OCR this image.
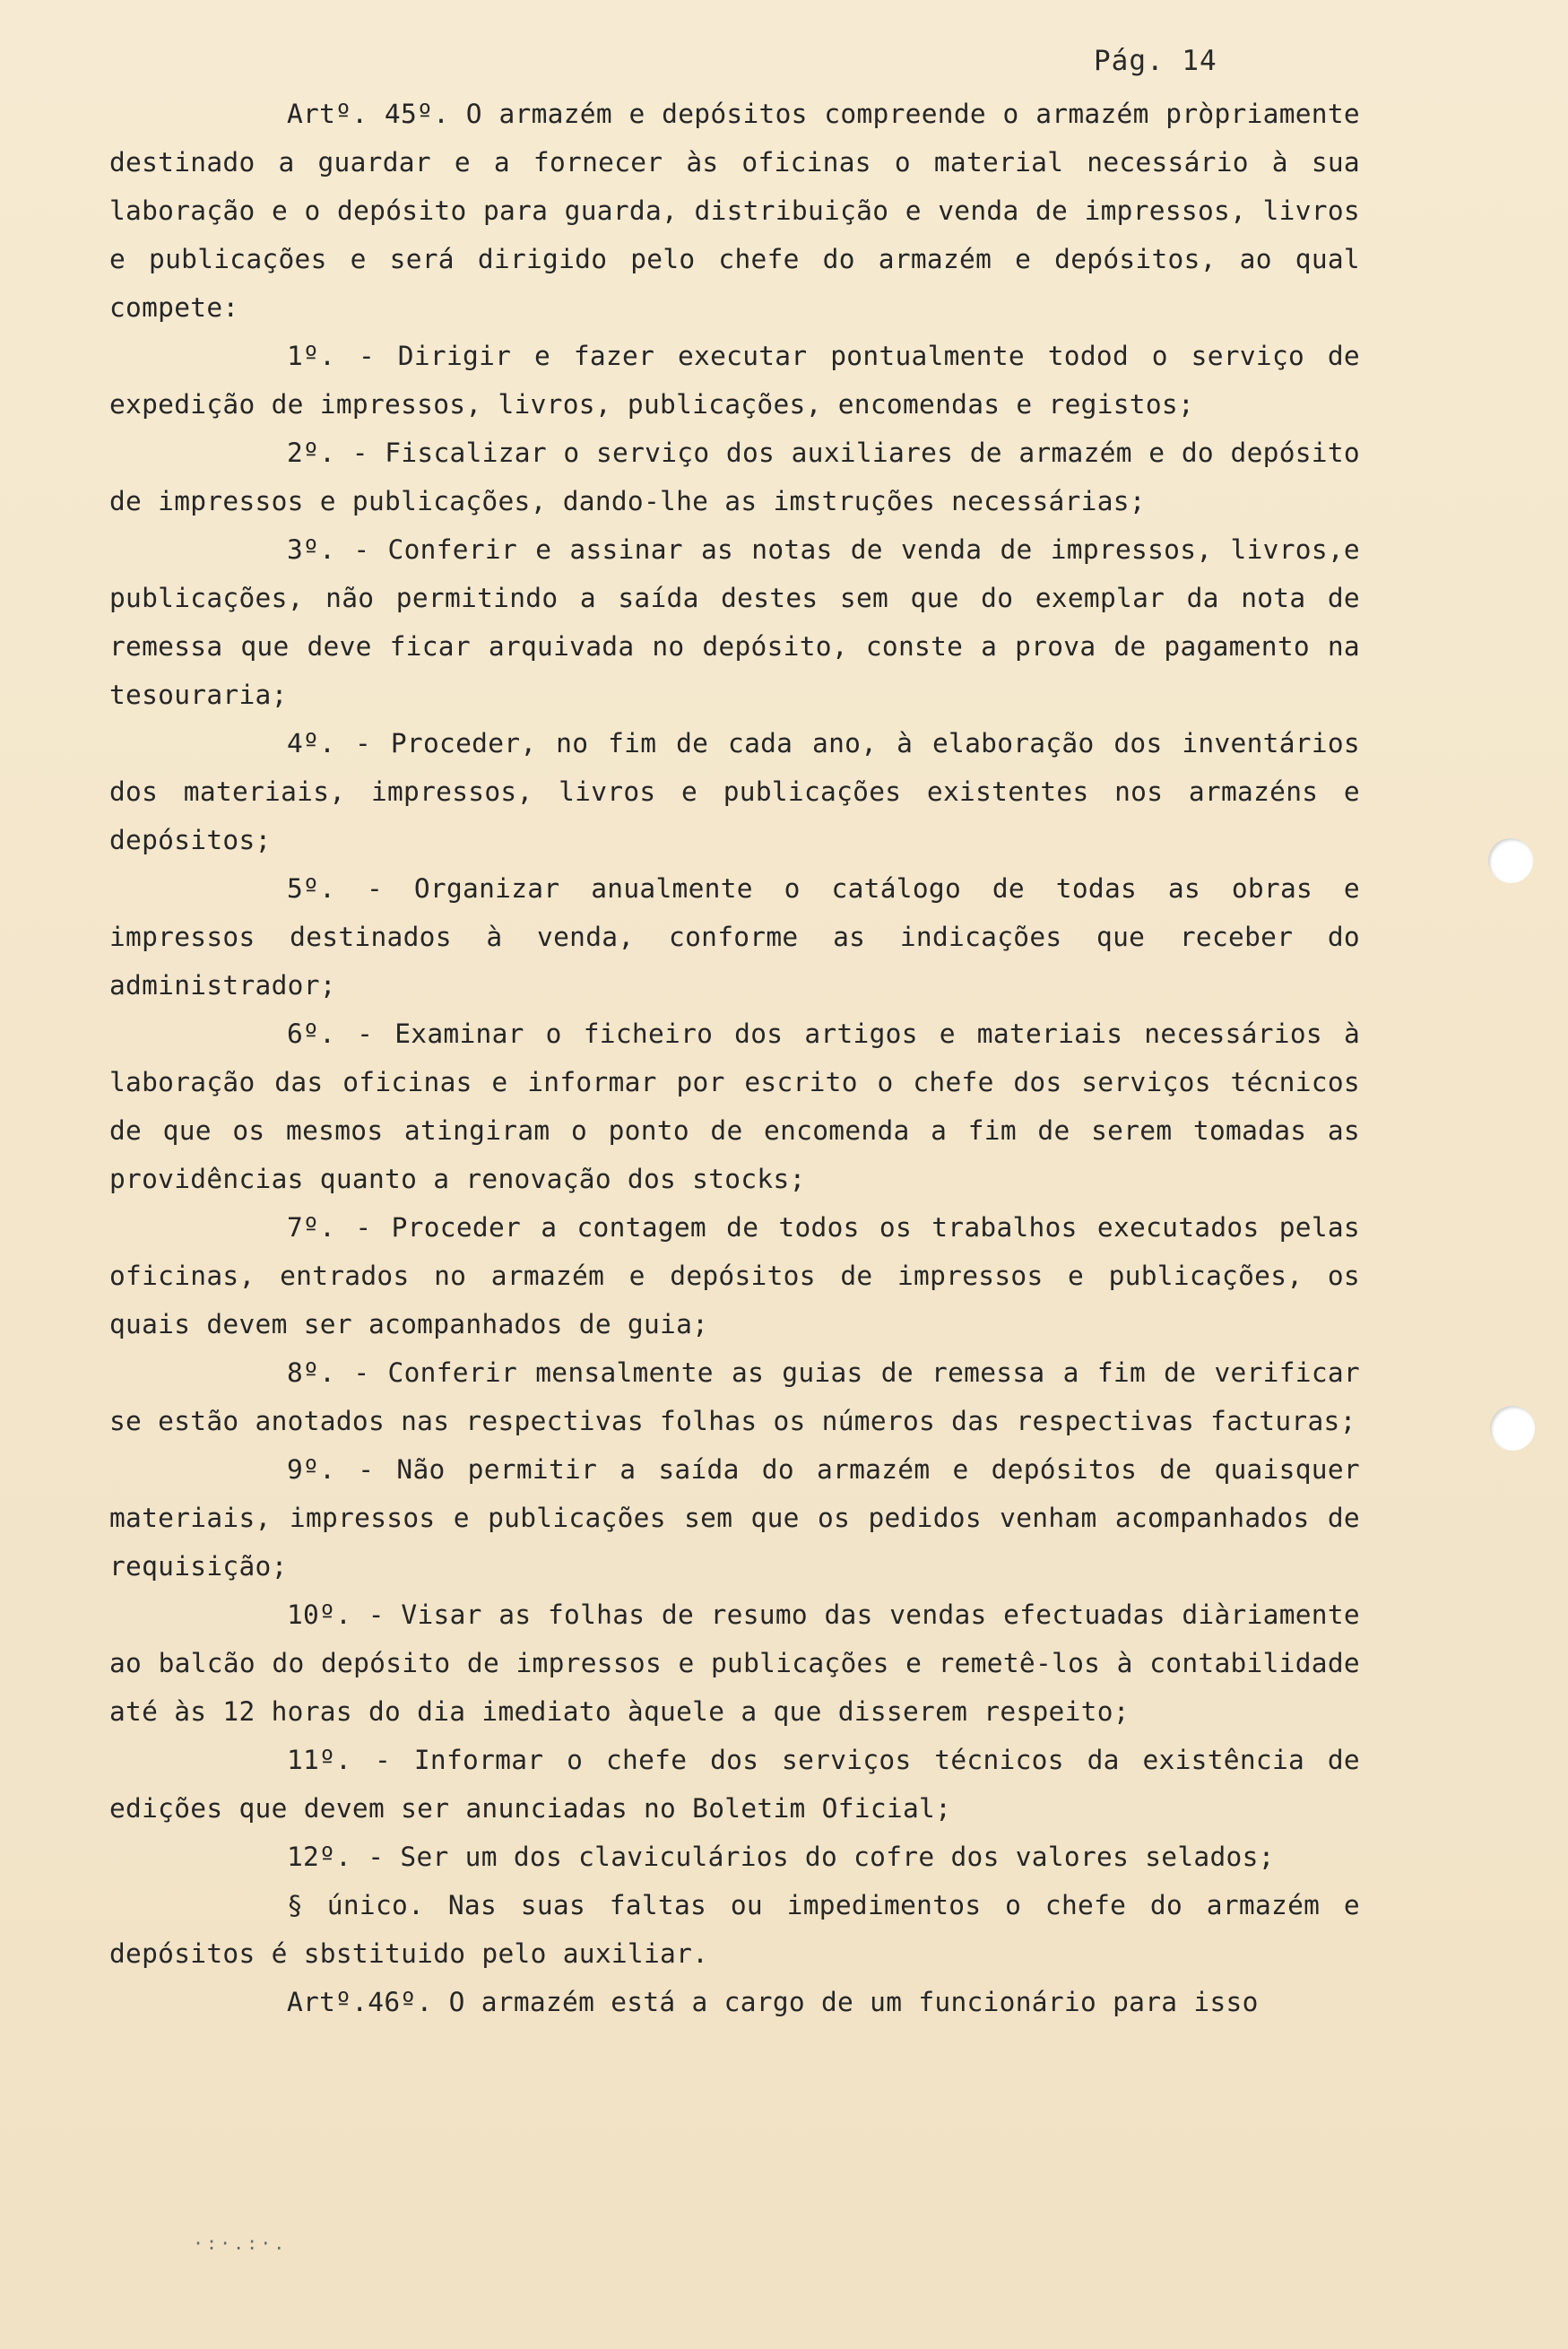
Pág. 14

Artº. 45º. O armazém e depósitos compreende o armazém pròpriamente destinado a guardar e a fornecer às oficinas o material necessário à sua laboração e o depósito para guarda, distribuição e venda de impressos, livros e publicações e será dirigido pelo chefe do armazém e depósitos, ao qual compete:

1º. - Dirigir e fazer executar pontualmente todod o serviço de expedição de impressos, livros, publicações, encomendas e registos;

2º. - Fiscalizar o serviço dos auxiliares de armazém e do depósito de impressos e publicações, dando-lhe as imstruções necessárias;

3º. - Conferir e assinar as notas de venda de impressos, livros,e publicações, não permitindo a saída destes sem que do exemplar da nota de remessa que deve ficar arquivada no depósito, conste a prova de pagamento na tesouraria;

4º. - Proceder, no fim de cada ano, à elaboração dos inventários dos materiais, impressos, livros e publicações existentes nos armazéns e depósitos;

5º. - Organizar anualmente o catálogo de todas as obras e impressos destinados à venda, conforme as indicações que receber do administrador;

6º. - Examinar o ficheiro dos artigos e materiais necessários à laboração das oficinas e informar por escrito o chefe dos serviços técnicos de que os mesmos atingiram o ponto de encomenda a fim de serem tomadas as providências quanto a renovação dos stocks;

7º. - Proceder a contagem de todos os trabalhos executados pelas oficinas, entrados no armazém e depósitos de impressos e publicações, os quais devem ser acompanhados de guia;

8º. - Conferir mensalmente as guias de remessa a fim de verificar se estão anotados nas respectivas folhas os números das respectivas facturas;

9º. - Não permitir a saída do armazém e depósitos de quaisquer materiais, impressos e publicações sem que os pedidos venham acompanhados de requisição;

10º. - Visar as folhas de resumo das vendas efectuadas diàriamente ao balcão do depósito de impressos e publicações e remetê-los à contabilidade até às 12 horas do dia imediato àquele a que disserem respeito;

11º. - Informar o chefe dos serviços técnicos da existência de edições que devem ser anunciadas no Boletim Oficial;

12º. - Ser um dos claviculários do cofre dos valores selados;

§ único. Nas suas faltas ou impedimentos o chefe do armazém e depósitos é sbstituido pelo auxiliar.

Artº.46º. O armazém está a cargo de um funcionário para isso

·:·.:·.
